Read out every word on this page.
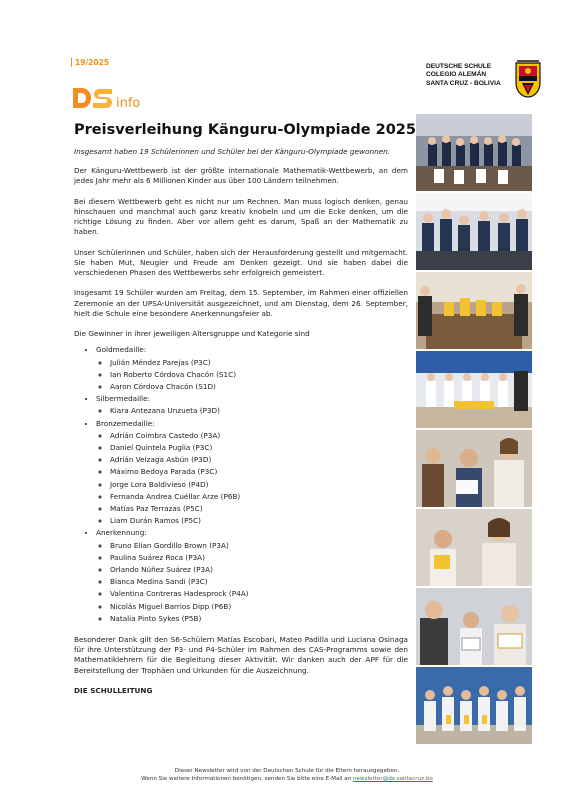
19/2025
info
DEUTSCHE SCHULE
COLEGIO ALEMÁN
SANTA CRUZ - BOLIVIA
Preisverleihung Känguru-Olympiade 2025
Insgesamt haben 19 Schülerinnen und Schüler bei der Känguru-Olympiade gewonnen.

Der Känguru-Wettbewerb ist der größte internationale Mathematik-Wettbewerb, an dem jedes Jahr mehr als 6 Millionen Kinder aus über 100 Ländern teilnehmen.

Bei diesem Wettbewerb geht es nicht nur um Rechnen. Man muss logisch denken, genau hinschauen und manchmal auch ganz kreativ knobeln und um die Ecke denken, um die richtige Lösung zu finden. Aber vor allem geht es darum, Spaß an der Mathematik zu haben.

Unser Schülerinnen und Schüler, haben sich der Herausforderung gestellt und mitgemacht. Sie haben Mut, Neugier und Freude am Denken gezeigt. Und sie haben dabei die verschiedenen Phasen des Wettbewerbs sehr erfolgreich gemeistert.

Insgesamt 19 Schüler wurden am Freitag, dem 15. September, im Rahmen einer offiziellen Zeremonie an der UPSA-Universität ausgezeichnet, und am Dienstag, dem 26. September, hielt die Schule eine besondere Anerkennungsfeier ab.

Die Gewinner in ihrer jeweiligen Altersgruppe und Kategorie sind

• Goldmedaille:
◦ Julián Méndez Parejas (P3C)
◦ Ian Roberto Córdova Chacón (S1C)
◦ Aaron Córdova Chacón (S1D)
• Silbermedaille:
◦ Kiara Antezana Unzueta (P3D)
• Bronzemedaille:
◦ Adrián Coimbra Castedo (P3A)
◦ Daniel Quintela Puglia (P3C)
◦ Adrián Veizaga Asbún (P3D)
◦ Máximo Bedoya Parada (P3C)
◦ Jorge Lora Baldivieso (P4D)
◦ Fernanda Andrea Cuéllar Arze (P6B)
◦ Matías Paz Terrazas (P5C)
◦ Liam Durán Ramos (P5C)
• Anerkennung:
◦ Bruno Elian Gordillo Brown (P3A)
◦ Paulina Suárez Roca (P3A)
◦ Orlando Núñez Suárez (P3A)
◦ Bianca Medina Sandi (P3C)
◦ Valentina Contreras Hadesprock (P4A)
◦ Nicolás Miguel Barrios Dipp (P6B)
◦ Natalia Pinto Sykes (P5B)

Besonderer Dank gilt den S6-Schülern Matías Escobari, Mateo Padilla und Luciana Osinaga für ihre Unterstützung der P3- und P4-Schüler im Rahmen des CAS-Programms sowie den Mathematiklehrern für die Begleitung dieser Aktivität. Wir danken auch der APF für die Bereitstellung der Trophäen und Urkunden für die Auszeichnung.

DIE SCHULLEITUNG

Dieser Newsletter wird von der Deutschen Schule für die Eltern herausgegeben.
Wenn Sie weitere Informationen benötigen, senden Sie bitte eine E-Mail an newsletter@ds-santacruz.bo
